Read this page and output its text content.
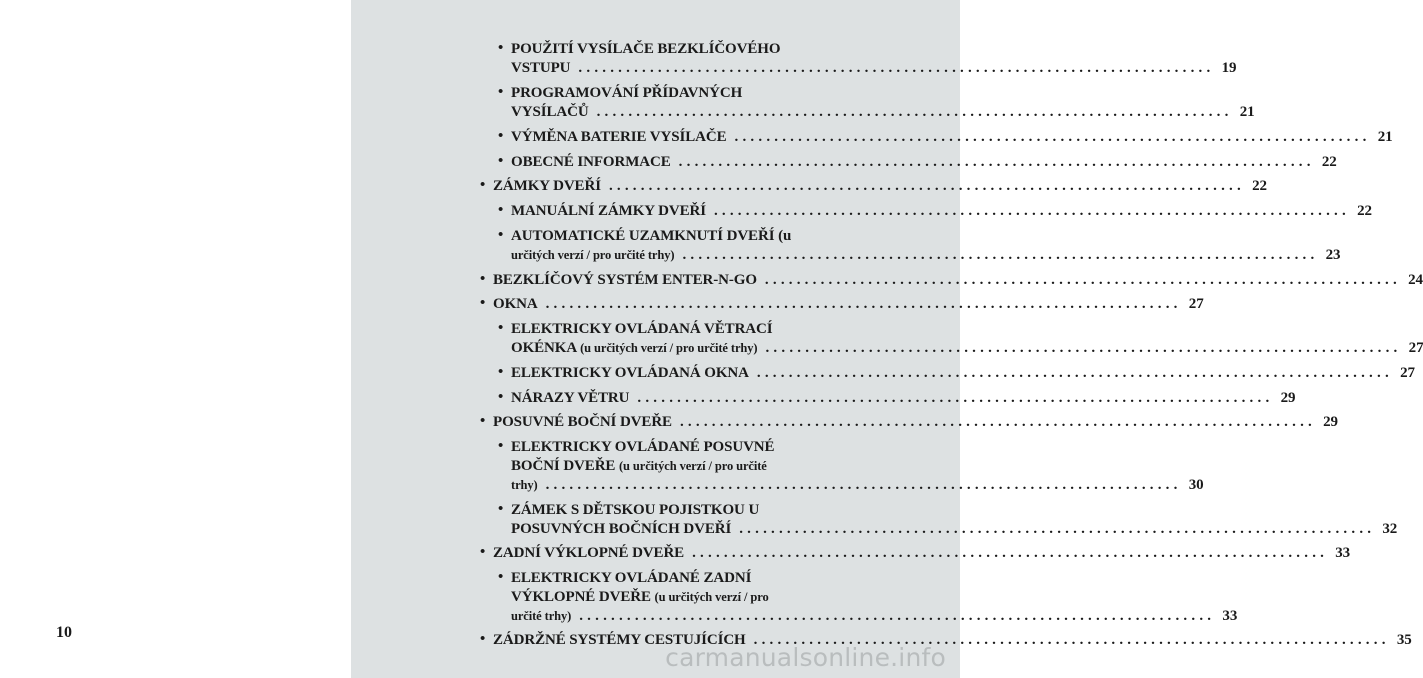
10
• POUŽITÍ VYSÍLAČE BEZKLÍČOVÉHO
VSTUPU ................................................................................ 19
• PROGRAMOVÁNÍ PŘÍDAVNÝCH
VYSÍLAČŮ ................................................................................ 21
• VÝMĚNA BATERIE VYSÍLAČE ................................................................................ 21
• OBECNÉ INFORMACE ................................................................................ 22
• ZÁMKY DVEŘÍ ................................................................................ 22
• MANUÁLNÍ ZÁMKY DVEŘÍ ................................................................................ 22
• AUTOMATICKÉ UZAMKNUTÍ DVEŘÍ (u
určitých verzí / pro určité trhy) ................................................................................ 23
• BEZKLÍČOVÝ SYSTÉM ENTER-N-GO ................................................................................ 24
• OKNA ................................................................................ 27
• ELEKTRICKY OVLÁDANÁ VĚTRACÍ
OKÉNKA (u určitých verzí / pro určité trhy) ................................................................................ 27
• ELEKTRICKY OVLÁDANÁ OKNA ................................................................................ 27
• NÁRAZY VĚTRU ................................................................................ 29
• POSUVNÉ BOČNÍ DVEŘE ................................................................................ 29
• ELEKTRICKY OVLÁDANÉ POSUVNÉ
BOČNÍ DVEŘE (u určitých verzí / pro určité
trhy) ................................................................................ 30
• ZÁMEK S DĚTSKOU POJISTKOU U
POSUVNÝCH BOČNÍCH DVEŘÍ ................................................................................ 32
• ZADNÍ VÝKLOPNÉ DVEŘE ................................................................................ 33
• ELEKTRICKY OVLÁDANÉ ZADNÍ
VÝKLOPNÉ DVEŘE (u určitých verzí / pro
určité trhy) ................................................................................ 33
• ZÁDRŽNÉ SYSTÉMY CESTUJÍCÍCH ................................................................................ 35
carmanualsonline.info
